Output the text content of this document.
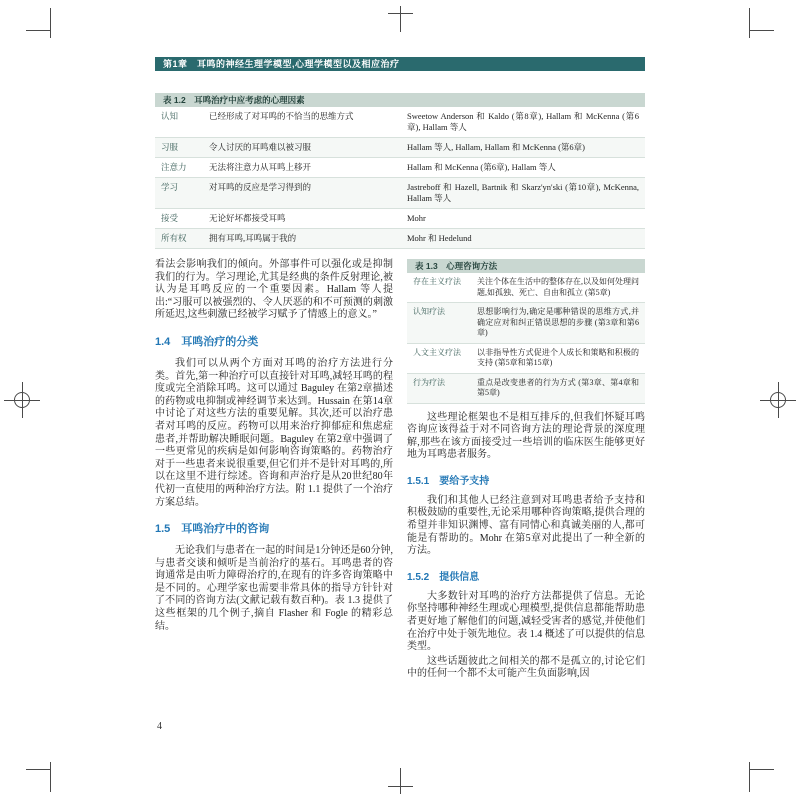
第1章　耳鸣的神经生理学模型,心理学模型以及相应治疗
表 1.2　耳鸣治疗中应考虑的心理因素
认知	已经形成了对耳鸣的不恰当的思维方式	Sweetow Anderson 和 Kaldo (第8章), Hallam 和 McKenna (第6章), Hallam 等人
习服	令人讨厌的耳鸣难以被习服	Hallam 等人, Hallam, Hallam 和 McKenna (第6章)
注意力	无法将注意力从耳鸣上移开	Hallam 和 McKenna (第6章), Hallam 等人
学习	对耳鸣的反应是学习得到的	Jastreboff 和 Hazell, Bartnik 和 Skarz'yn'ski (第10章), McKenna, Hallam 等人
接受	无论好坏都接受耳鸣	Mohr
所有权	拥有耳鸣,耳鸣属于我的	Mohr 和 Hedelund

看法会影响我们的倾向。外部事件可以强化或是抑制我们的行为。学习理论,尤其是经典的条件反射理论,被认为是耳鸣反应的一个重要因素。Hallam 等人提出:“习服可以被强烈的、令人厌恶的和不可预测的刺激所延迟,这些刺激已经被学习赋予了情感上的意义。”

1.4　耳鸣治疗的分类

我们可以从两个方面对耳鸣的治疗方法进行分类。首先,第一种治疗可以直接针对耳鸣,减轻耳鸣的程度或完全消除耳鸣。这可以通过 Baguley 在第2章描述的药物或电抑制或神经调节来达到。Hussain 在第14章中讨论了对这些方法的重要见解。其次,还可以治疗患者对耳鸣的反应。药物可以用来治疗抑郁症和焦虑症患者,并帮助解决睡眠问题。Baguley 在第2章中强调了一些更常见的疾病是如何影响咨询策略的。药物治疗对于一些患者来说很重要,但它们并不是针对耳鸣的,所以在这里不进行综述。咨询和声治疗是从20世纪80年代初一直使用的两种治疗方法。附 1.1 提供了一个治疗方案总结。

1.5　耳鸣治疗中的咨询

无论我们与患者在一起的时间是1分钟还是60分钟,与患者交谈和倾听是当前治疗的基石。耳鸣患者的咨询通常是由听力障碍治疗的,在现有的许多咨询策略中是不同的。心理学家也需要非常具体的指导方针针对了不同的咨询方法(文献记载有数百种)。表 1.3 提供了这些框架的几个例子,摘自 Flasher 和 Fogle 的精彩总结。

表 1.3　心理咨询方法
存在主义疗法	关注个体在生活中的整体存在,以及如何处理问题,如孤独、死亡、自由和孤立 (第5章)
认知疗法	思想影响行为,确定是哪种错误的思维方式,并确定应对和纠正错误思想的步骤 (第3章和第6章)
人文主义疗法	以非指导性方式促进个人成长和策略和积极的支持 (第5章和第15章)
行为疗法	重点是改变患者的行为方式 (第3章、第4章和第5章)

这些理论框架也不是相互排斥的,但我们怀疑耳鸣咨询应该得益于对不同咨询方法的理论背景的深度理解,那些在该方面接受过一些培训的临床医生能够更好地为耳鸣患者服务。

1.5.1　要给予支持

我们和其他人已经注意到对耳鸣患者给予支持和积极鼓励的重要性,无论采用哪种咨询策略,提供合理的希望并非知识渊博、富有同情心和真诚美丽的人,都可能是有帮助的。Mohr 在第5章对此提出了一种全新的方法。

1.5.2　提供信息

大多数针对耳鸣的治疗方法都提供了信息。无论你坚持哪种神经生理或心理模型,提供信息都能帮助患者更好地了解他们的问题,减轻受害者的感觉,并使他们在治疗中处于领先地位。表 1.4 概述了可以提供的信息类型。

这些话题彼此之间相关的都不是孤立的,讨论它们中的任何一个都不太可能产生负面影响,因

4
